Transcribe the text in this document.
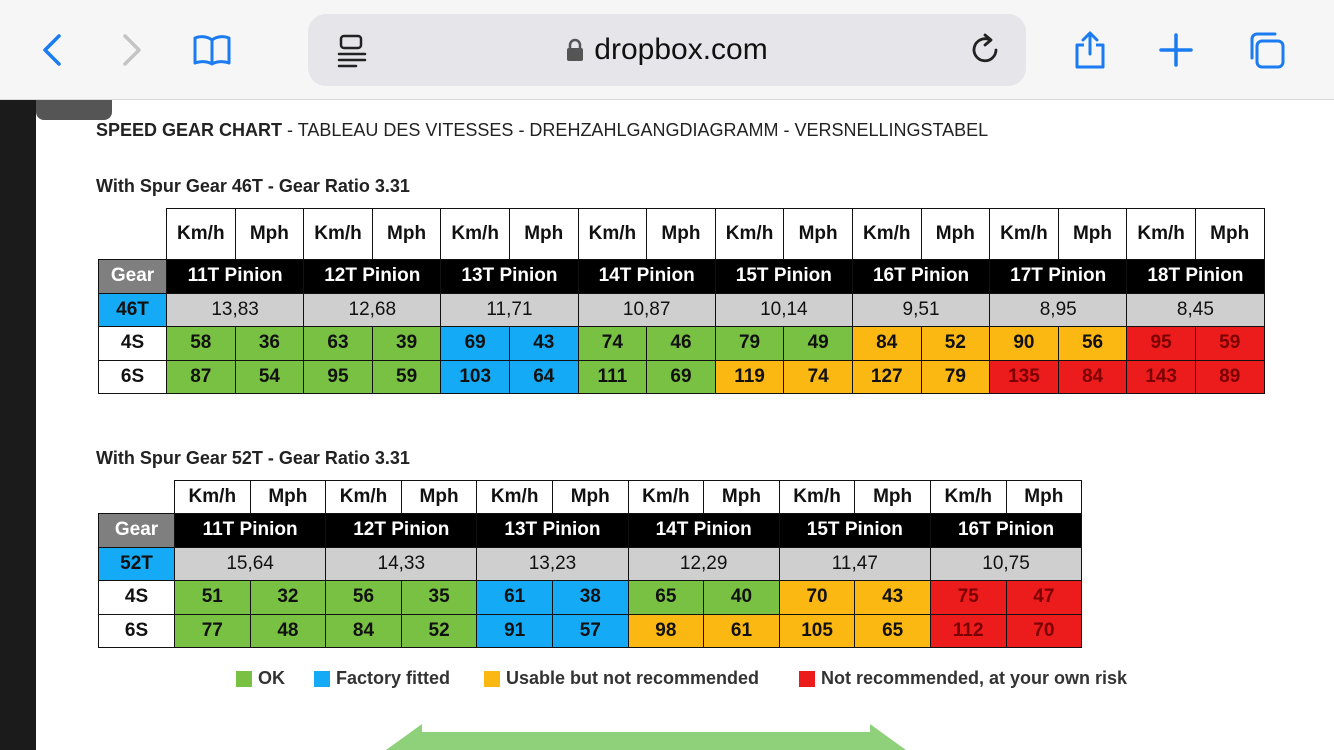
dropbox.com
SPEED GEAR CHART - TABLEAU DES VITESSES - DREHZAHLGANGDIAGRAMM - VERSNELLINGSTABEL
With Spur Gear 46T - Gear Ratio 3.31
	Km/h	Mph	Km/h	Mph	Km/h	Mph	Km/h	Mph	Km/h	Mph	Km/h	Mph	Km/h	Mph	Km/h	Mph
Gear	11T Pinion		12T Pinion		13T Pinion		14T Pinion		15T Pinion		16T Pinion		17T Pinion		18T Pinion	
46T	13,83		12,68		11,71		10,87		10,14		9,51		8,95		8,45	
4S	58	36	63	39	69	43	74	46	79	49	84	52	90	56	95	59
6S	87	54	95	59	103	64	111	69	119	74	127	79	135	84	143	89
With Spur Gear 52T - Gear Ratio 3.31
	Km/h	Mph	Km/h	Mph	Km/h	Mph	Km/h	Mph	Km/h	Mph	Km/h	Mph
Gear	11T Pinion		12T Pinion		13T Pinion		14T Pinion		15T Pinion		16T Pinion	
52T	15,64		14,33		13,23		12,29		11,47		10,75	
4S	51	32	56	35	61	38	65	40	70	43	75	47
6S	77	48	84	52	91	57	98	61	105	65	112	70
OK	Factory fitted	Usable but not recommended	Not recommended, at your own risk
